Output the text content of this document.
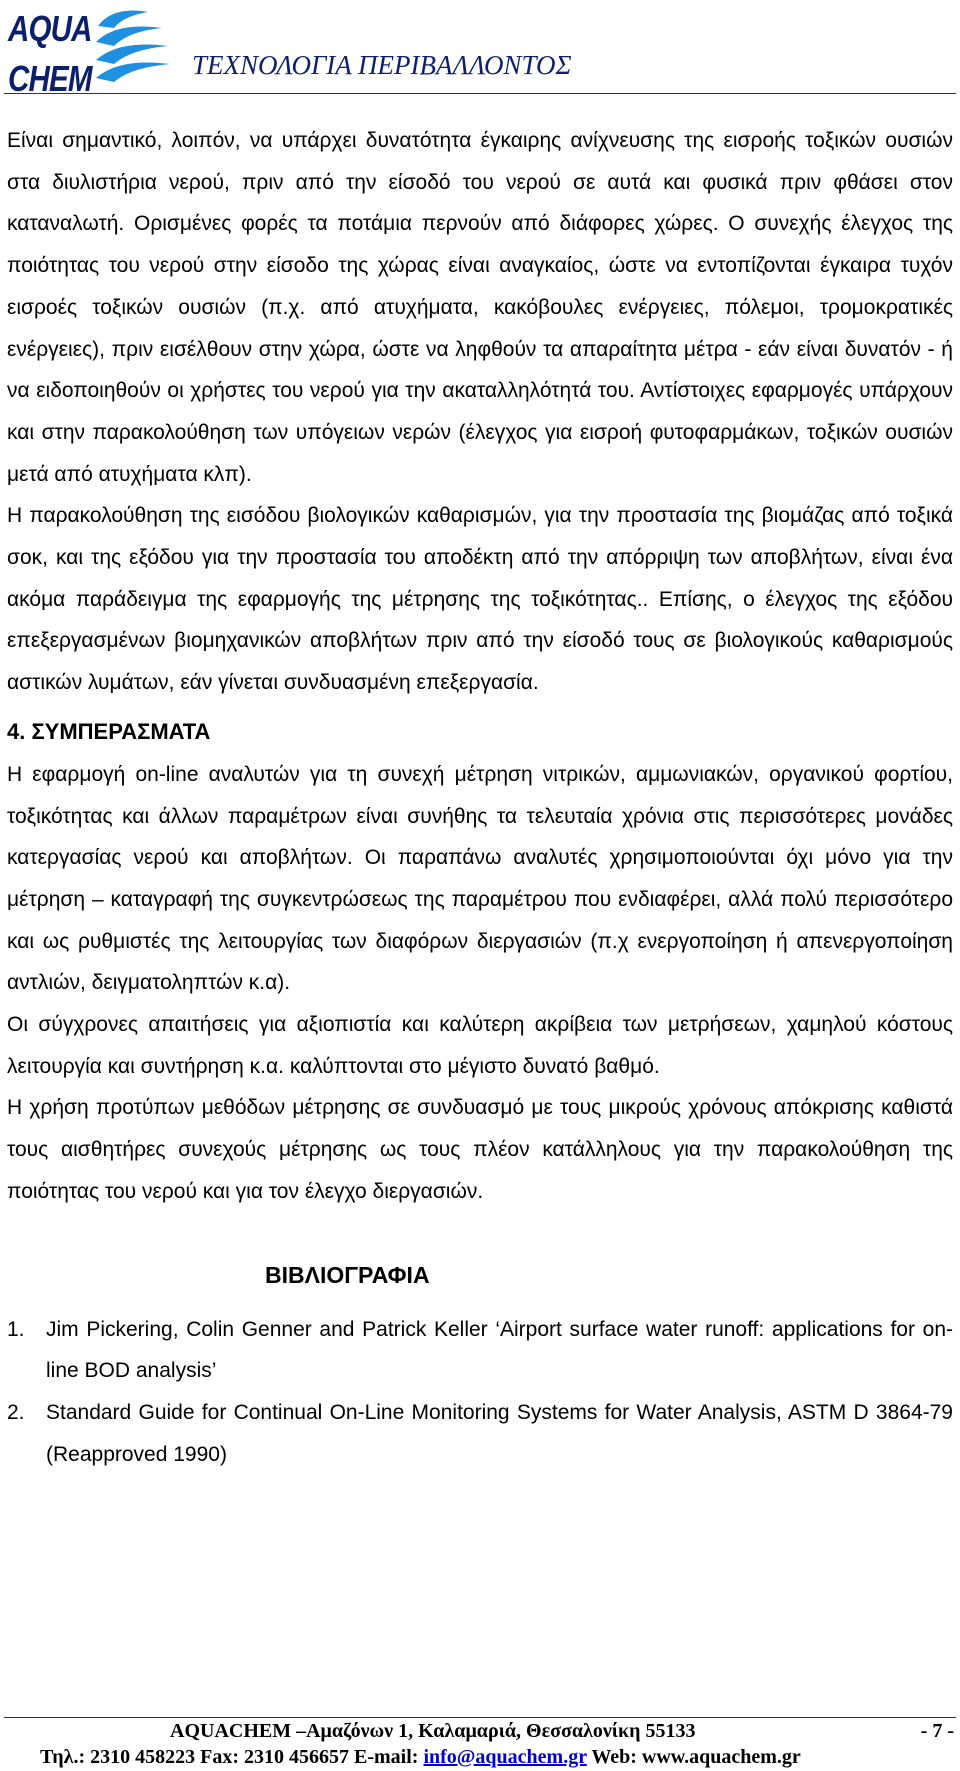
AQUA
CHEM	ΤΕΧΝΟΛΟΓΙΑ ΠΕΡΙΒΑΛΛΟΝΤΟΣ

Είναι σημαντικό, λοιπόν, να υπάρχει δυνατότητα έγκαιρης ανίχνευσης της εισροής τοξικών ουσιών στα διυλιστήρια νερού, πριν από την είσοδό του νερού σε αυτά και φυσικά πριν φθάσει στον καταναλωτή. Ορισμένες φορές τα ποτάμια περνούν από διάφορες χώρες. Ο συνεχής έλεγχος της ποιότητας του νερού στην είσοδο της χώρας είναι αναγκαίος, ώστε να εντοπίζονται έγκαιρα τυχόν εισροές τοξικών ουσιών (π.χ. από ατυχήματα, κακόβουλες ενέργειες, πόλεμοι, τρομοκρατικές ενέργειες), πριν εισέλθουν στην χώρα, ώστε να ληφθούν τα απαραίτητα μέτρα - εάν είναι δυνατόν - ή να ειδοποιηθούν οι χρήστες του νερού για την ακαταλληλότητά του. Αντίστοιχες εφαρμογές υπάρχουν και στην παρακολούθηση των υπόγειων νερών (έλεγχος για εισροή φυτοφαρμάκων, τοξικών ουσιών μετά από ατυχήματα κλπ).

Η παρακολούθηση της εισόδου βιολογικών καθαρισμών, για την προστασία της βιομάζας από τοξικά σοκ, και της εξόδου για την προστασία του αποδέκτη από την απόρριψη των αποβλήτων, είναι ένα ακόμα παράδειγμα της εφαρμογής της μέτρησης της τοξικότητας.. Επίσης, ο έλεγχος της εξόδου επεξεργασμένων βιομηχανικών αποβλήτων πριν από την είσοδό τους σε βιολογικούς καθαρισμούς αστικών λυμάτων, εάν γίνεται συνδυασμένη επεξεργασία.

4. ΣΥΜΠΕΡΑΣΜΑΤΑ

Η εφαρμογή on-line αναλυτών για τη συνεχή μέτρηση νιτρικών, αμμωνιακών, οργανικού φορτίου, τοξικότητας και άλλων παραμέτρων είναι συνήθης τα τελευταία χρόνια στις περισσότερες μονάδες κατεργασίας νερού και αποβλήτων. Οι παραπάνω αναλυτές χρησιμοποιούνται όχι μόνο για την μέτρηση – καταγραφή της συγκεντρώσεως της παραμέτρου που ενδιαφέρει, αλλά πολύ περισσότερο και ως ρυθμιστές της λειτουργίας των διαφόρων διεργασιών (π.χ ενεργοποίηση ή απενεργοποίηση αντλιών, δειγματοληπτών κ.α).

Οι σύγχρονες απαιτήσεις για αξιοπιστία και καλύτερη ακρίβεια των μετρήσεων, χαμηλού κόστους λειτουργία και συντήρηση κ.α. καλύπτονται στο μέγιστο δυνατό βαθμό.

Η χρήση προτύπων μεθόδων μέτρησης σε συνδυασμό με τους μικρούς χρόνους απόκρισης καθιστά τους αισθητήρες συνεχούς μέτρησης ως τους πλέον κατάλληλους για την παρακολούθηση της ποιότητας του νερού και για τον έλεγχο διεργασιών.

ΒΙΒΛΙΟΓΡΑΦΙΑ
1. Jim Pickering, Colin Genner and Patrick Keller ‘Airport surface water runoff: applications for on-line BOD analysis’
2. Standard Guide for Continual On-Line Monitoring Systems for Water Analysis, ASTM D 3864-79 (Reapproved 1990)
AQUACHEM –Αμαζόνων 1, Καλαμαριά, Θεσσαλονίκη 55133	- 7 -
Τηλ.: 2310 458223 Fax: 2310 456657 E-mail: info@aquachem.gr Web: www.aquachem.gr
